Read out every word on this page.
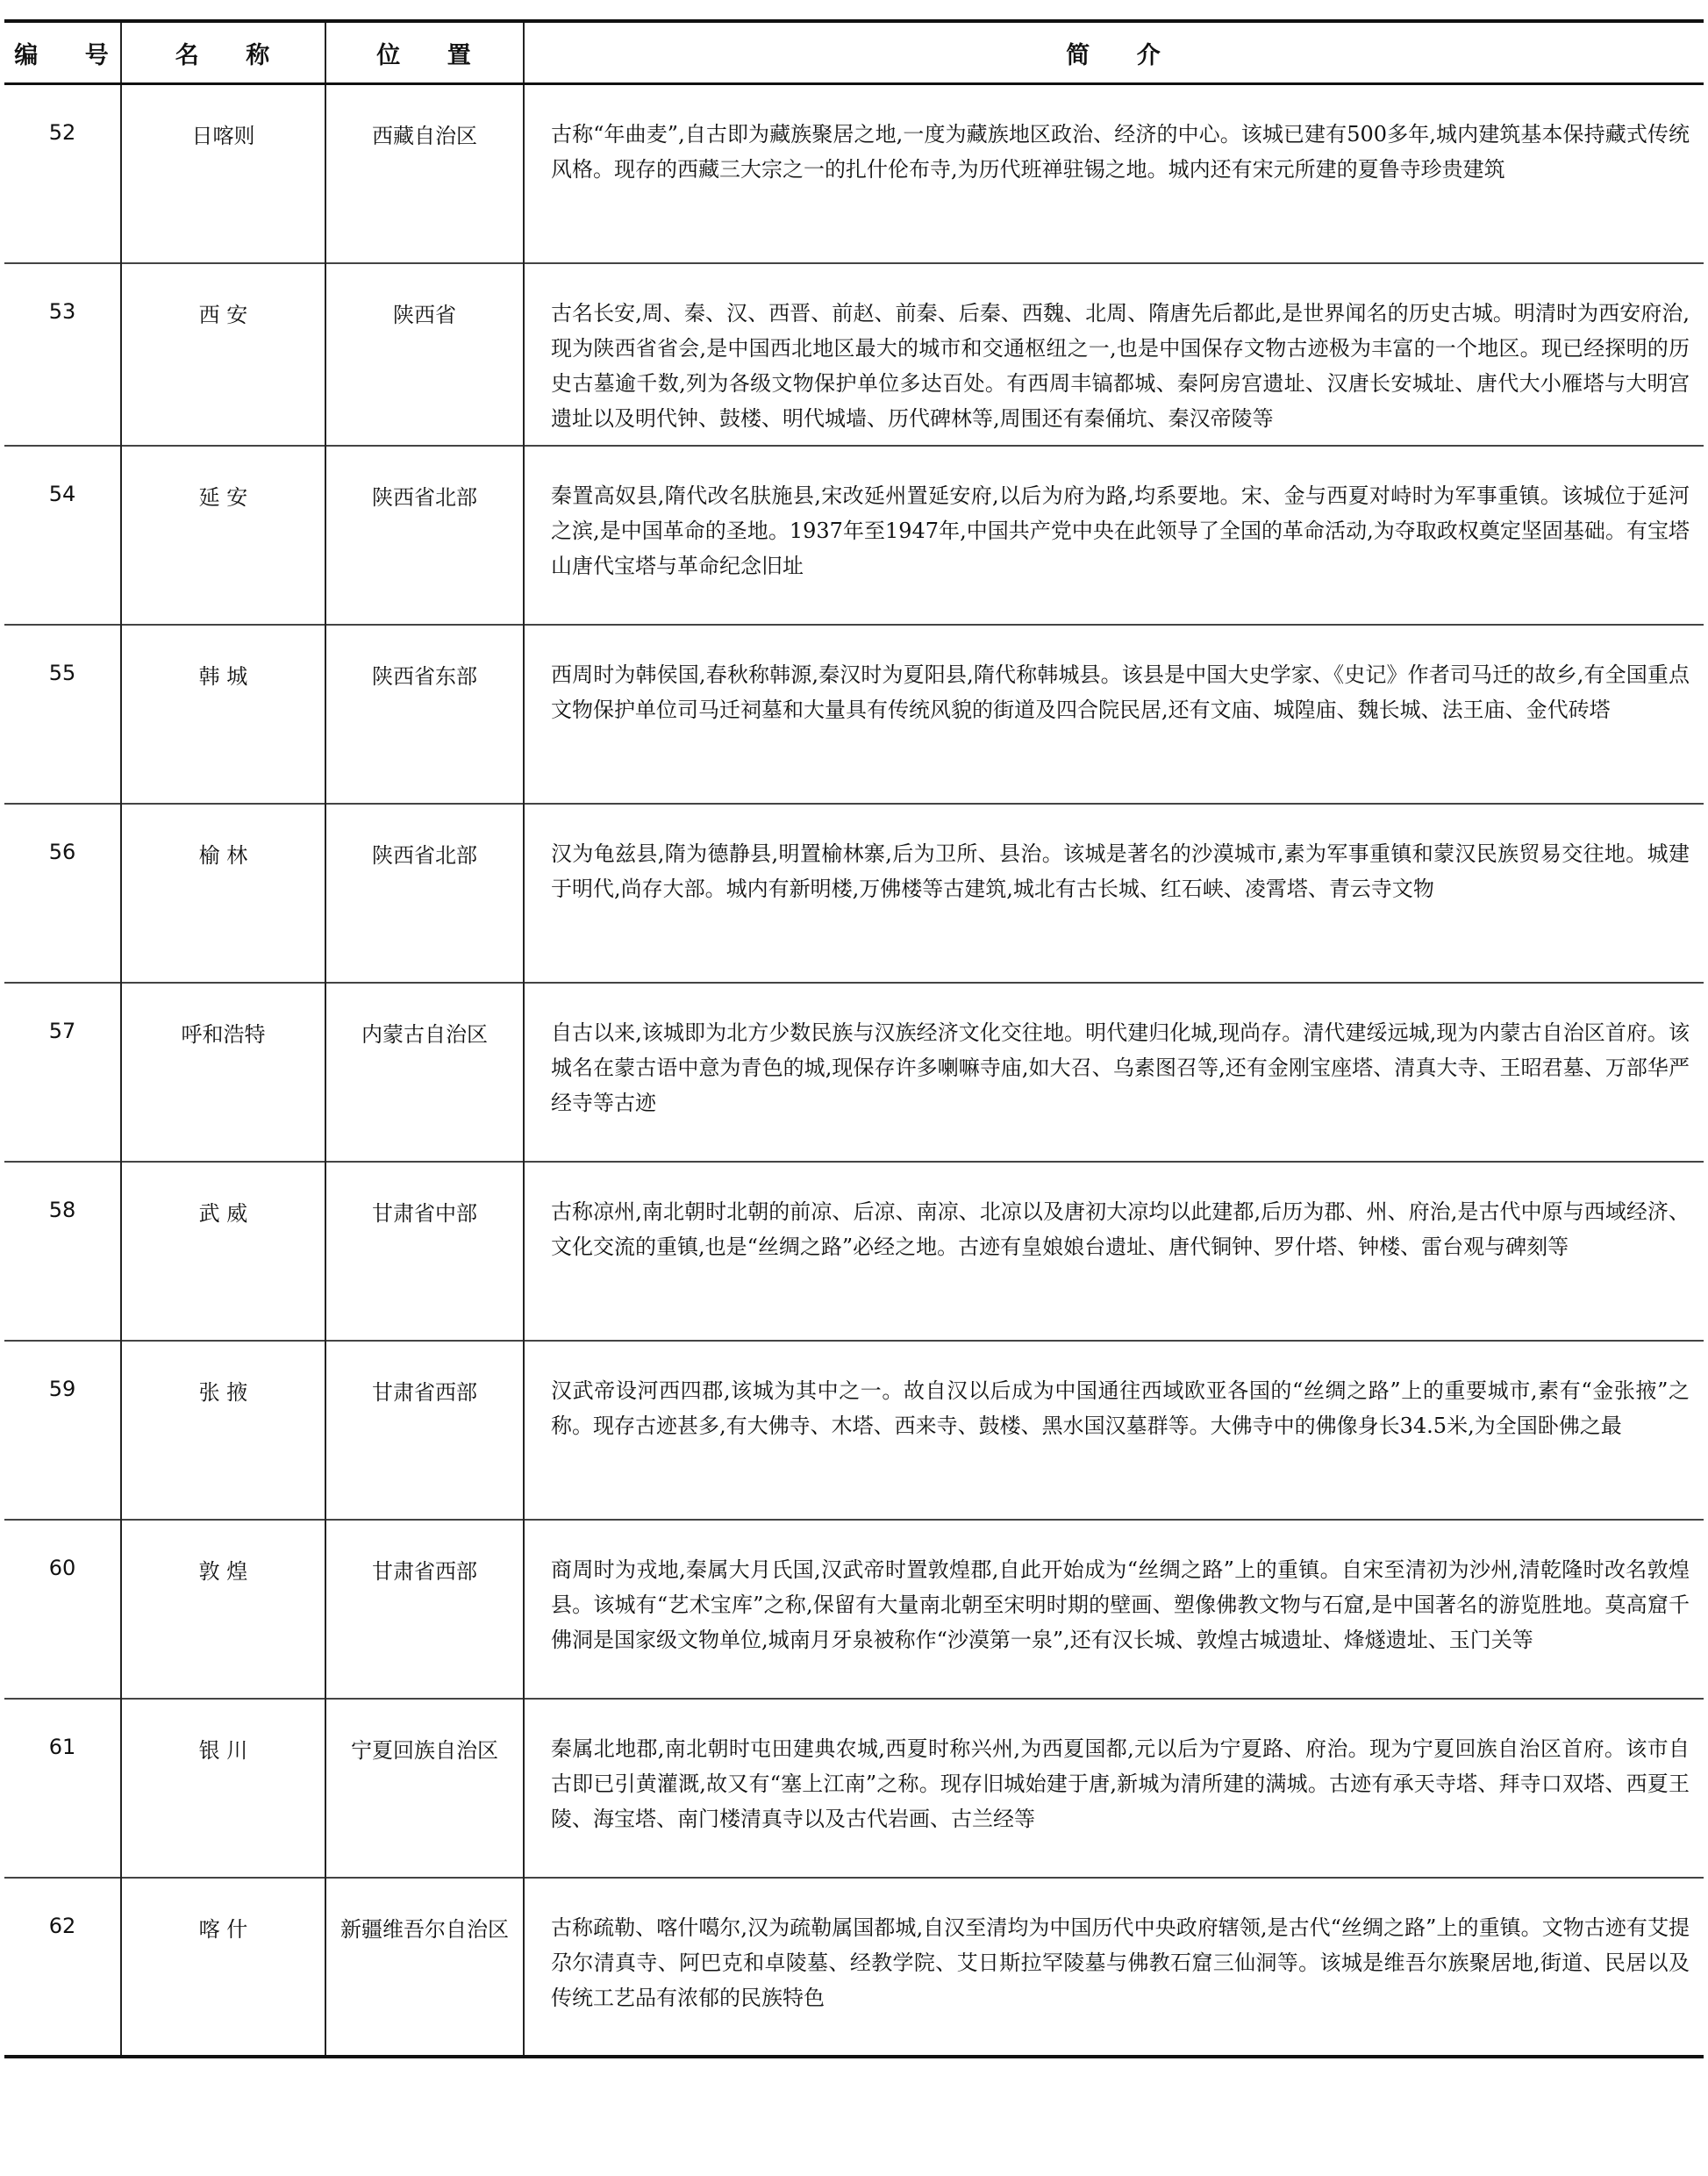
编 号	名 称	位 置	简 介
52	日喀则	西藏自治区	古称“年曲麦”,自古即为藏族聚居之地,一度为藏族地区政治、经济的中心。该城已建有500多年,城内建筑基本保持藏式传统风格。现存的西藏三大宗之一的扎什伦布寺,为历代班禅驻锡之地。城内还有宋元所建的夏鲁寺珍贵建筑
53	西 安	陕西省	古名长安,周、秦、汉、西晋、前赵、前秦、后秦、西魏、北周、隋唐先后都此,是世界闻名的历史古城。明清时为西安府治,现为陕西省省会,是中国西北地区最大的城市和交通枢纽之一,也是中国保存文物古迹极为丰富的一个地区。现已经探明的历史古墓逾千数,列为各级文物保护单位多达百处。有西周丰镐都城、秦阿房宫遗址、汉唐长安城址、唐代大小雁塔与大明宫遗址以及明代钟、鼓楼、明代城墙、历代碑林等,周围还有秦俑坑、秦汉帝陵等
54	延 安	陕西省北部	秦置高奴县,隋代改名肤施县,宋改延州置延安府,以后为府为路,均系要地。宋、金与西夏对峙时为军事重镇。该城位于延河之滨,是中国革命的圣地。1937年至1947年,中国共产党中央在此领导了全国的革命活动,为夺取政权奠定坚固基础。有宝塔山唐代宝塔与革命纪念旧址
55	韩 城	陕西省东部	西周时为韩侯国,春秋称韩源,秦汉时为夏阳县,隋代称韩城县。该县是中国大史学家、《史记》作者司马迁的故乡,有全国重点文物保护单位司马迁祠墓和大量具有传统风貌的街道及四合院民居,还有文庙、城隍庙、魏长城、法王庙、金代砖塔
56	榆 林	陕西省北部	汉为龟兹县,隋为德静县,明置榆林寨,后为卫所、县治。该城是著名的沙漠城市,素为军事重镇和蒙汉民族贸易交往地。城建于明代,尚存大部。城内有新明楼,万佛楼等古建筑,城北有古长城、红石峡、凌霄塔、青云寺文物
57	呼和浩特	内蒙古自治区	自古以来,该城即为北方少数民族与汉族经济文化交往地。明代建归化城,现尚存。清代建绥远城,现为内蒙古自治区首府。该城名在蒙古语中意为青色的城,现保存许多喇嘛寺庙,如大召、乌素图召等,还有金刚宝座塔、清真大寺、王昭君墓、万部华严经寺等古迹
58	武 威	甘肃省中部	古称凉州,南北朝时北朝的前凉、后凉、南凉、北凉以及唐初大凉均以此建都,后历为郡、州、府治,是古代中原与西域经济、文化交流的重镇,也是“丝绸之路”必经之地。古迹有皇娘娘台遗址、唐代铜钟、罗什塔、钟楼、雷台观与碑刻等
59	张 掖	甘肃省西部	汉武帝设河西四郡,该城为其中之一。故自汉以后成为中国通往西域欧亚各国的“丝绸之路”上的重要城市,素有“金张掖”之称。现存古迹甚多,有大佛寺、木塔、西来寺、鼓楼、黑水国汉墓群等。大佛寺中的佛像身长34.5米,为全国卧佛之最
60	敦 煌	甘肃省西部	商周时为戎地,秦属大月氏国,汉武帝时置敦煌郡,自此开始成为“丝绸之路”上的重镇。自宋至清初为沙州,清乾隆时改名敦煌县。该城有“艺术宝库”之称,保留有大量南北朝至宋明时期的壁画、塑像佛教文物与石窟,是中国著名的游览胜地。莫高窟千佛洞是国家级文物单位,城南月牙泉被称作“沙漠第一泉”,还有汉长城、敦煌古城遗址、烽燧遗址、玉门关等
61	银 川	宁夏回族自治区	秦属北地郡,南北朝时屯田建典农城,西夏时称兴州,为西夏国都,元以后为宁夏路、府治。现为宁夏回族自治区首府。该市自古即已引黄灌溉,故又有“塞上江南”之称。现存旧城始建于唐,新城为清所建的满城。古迹有承天寺塔、拜寺口双塔、西夏王陵、海宝塔、南门楼清真寺以及古代岩画、古兰经等
62	喀 什	新疆维吾尔自治区	古称疏勒、喀什噶尔,汉为疏勒属国都城,自汉至清均为中国历代中央政府辖领,是古代“丝绸之路”上的重镇。文物古迹有艾提尕尔清真寺、阿巴克和卓陵墓、经教学院、艾日斯拉罕陵墓与佛教石窟三仙洞等。该城是维吾尔族聚居地,街道、民居以及传统工艺品有浓郁的民族特色
